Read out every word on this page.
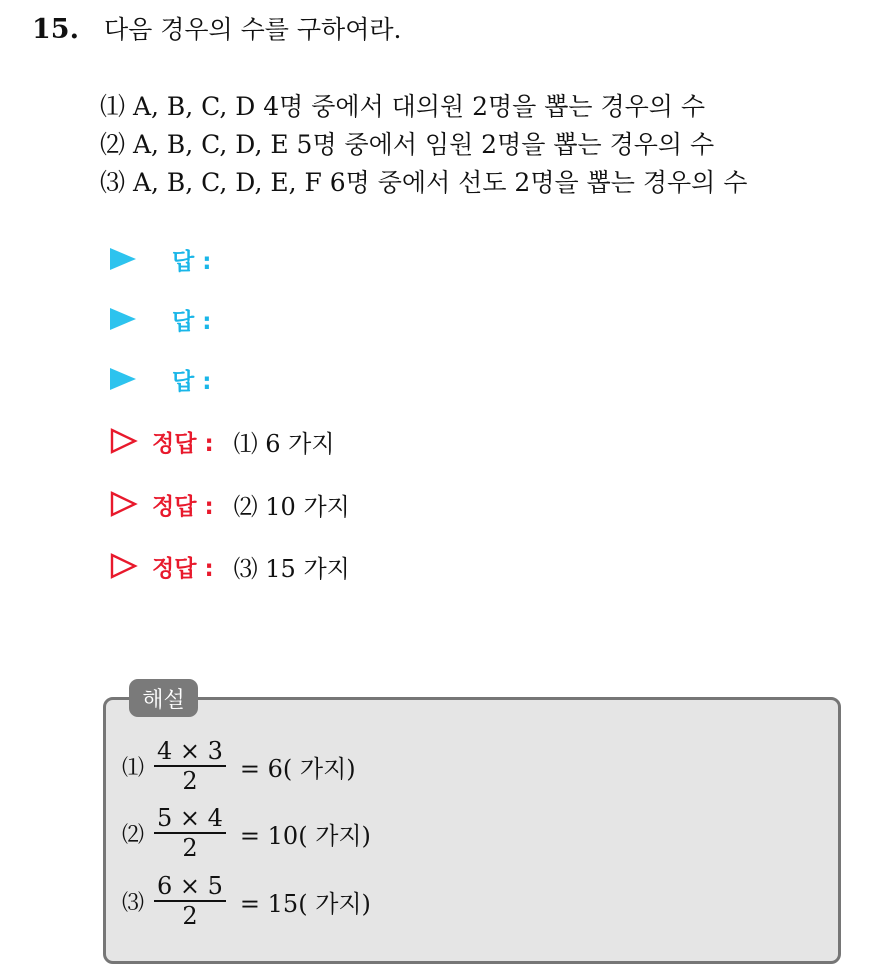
15.	다음 경우의 수를 구하여라.
⑴ A, B, C, D 4명 중에서 대의원 2명을 뽑는 경우의 수
⑵ A, B, C, D, E 5명 중에서 임원 2명을 뽑는 경우의 수
⑶ A, B, C, D, E, F 6명 중에서 선도 2명을 뽑는 경우의 수
답 :
답 :
답 :
정답 : ⑴ 6 가지
정답 : ⑵ 10 가지
정답 : ⑶ 15 가지
해설
⑴ $\frac{4 \times 3}{2} = 6$( 가지)
⑵ $\frac{5 \times 4}{2} = 10$( 가지)
⑶ $\frac{6 \times 5}{2} = 15$( 가지)
